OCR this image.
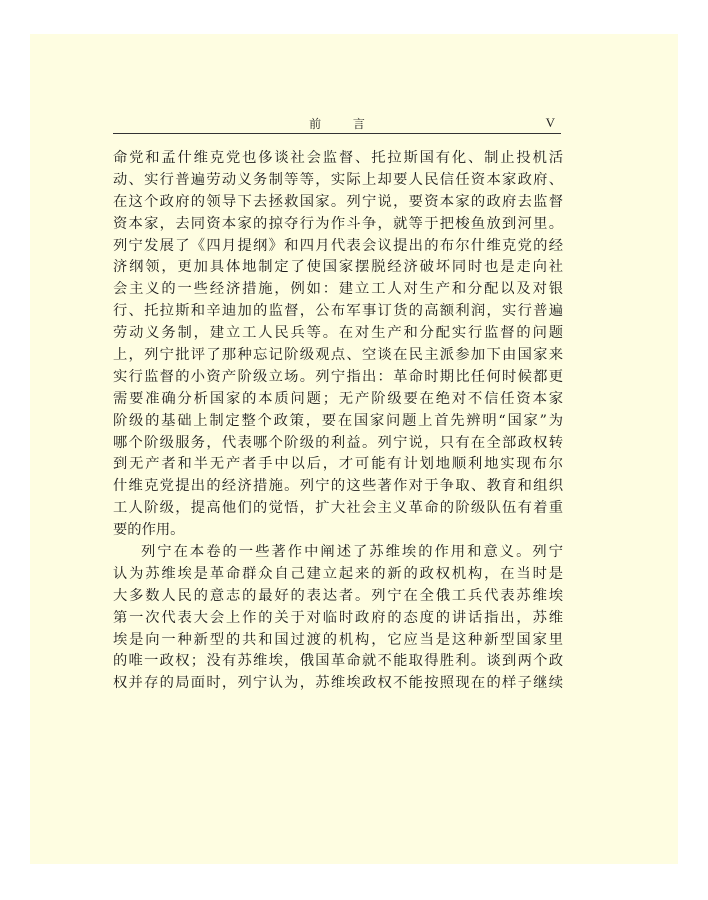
前 言	V
命党和孟什维克党也侈谈社会监督、托拉斯国有化、制止投机活
动、实行普遍劳动义务制等等，实际上却要人民信任资本家政府、
在这个政府的领导下去拯救国家。列宁说，要资本家的政府去监督
资本家，去同资本家的掠夺行为作斗争，就等于把梭鱼放到河里。
列宁发展了《四月提纲》和四月代表会议提出的布尔什维克党的经
济纲领，更加具体地制定了使国家摆脱经济破坏同时也是走向社
会主义的一些经济措施，例如：建立工人对生产和分配以及对银
行、托拉斯和辛迪加的监督，公布军事订货的高额利润，实行普遍
劳动义务制，建立工人民兵等。在对生产和分配实行监督的问题
上，列宁批评了那种忘记阶级观点、空谈在民主派参加下由国家来
实行监督的小资产阶级立场。列宁指出：革命时期比任何时候都更
需要准确分析国家的本质问题；无产阶级要在绝对不信任资本家
阶级的基础上制定整个政策，要在国家问题上首先辨明“国家”为
哪个阶级服务，代表哪个阶级的利益。列宁说，只有在全部政权转
到无产者和半无产者手中以后，才可能有计划地顺利地实现布尔
什维克党提出的经济措施。列宁的这些著作对于争取、教育和组织
工人阶级，提高他们的觉悟，扩大社会主义革命的阶级队伍有着重
要的作用。
列宁在本卷的一些著作中阐述了苏维埃的作用和意义。列宁
认为苏维埃是革命群众自己建立起来的新的政权机构，在当时是
大多数人民的意志的最好的表达者。列宁在全俄工兵代表苏维埃
第一次代表大会上作的关于对临时政府的态度的讲话指出，苏维
埃是向一种新型的共和国过渡的机构，它应当是这种新型国家里
的唯一政权；没有苏维埃，俄国革命就不能取得胜利。谈到两个政
权并存的局面时，列宁认为，苏维埃政权不能按照现在的样子继续
